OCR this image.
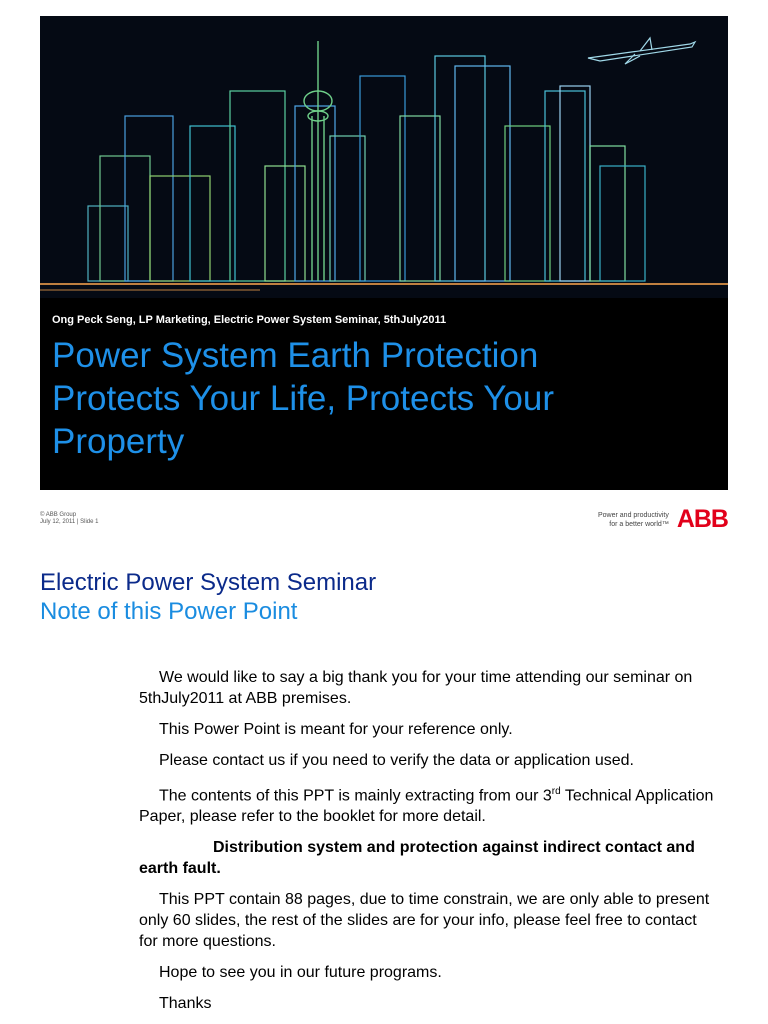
Ong Peck Seng, LP Marketing, Electric Power System Seminar, 5thJuly2011
Power System Earth Protection
Protects Your Life, Protects Your
Property
© ABB Group
July 12, 2011 | Slide 1
Power and productivity
for a better world™ ABB
Electric Power System Seminar
Note of this Power Point

We would like to say a big thank you for your time attending our seminar on 5thJuly2011 at ABB premises.

This Power Point is meant for your reference only.

Please contact us if you need to verify the data or application used.

The contents of this PPT is mainly extracting from our 3rd Technical Application Paper, please refer to the booklet for more detail.

Distribution system and protection against indirect contact and earth fault.

This PPT contain 88 pages, due to time constrain, we are only able to present only 60 slides, the rest of the slides are for your info, please feel free to contact for more questions.

Hope to see you in our future programs.

Thanks
